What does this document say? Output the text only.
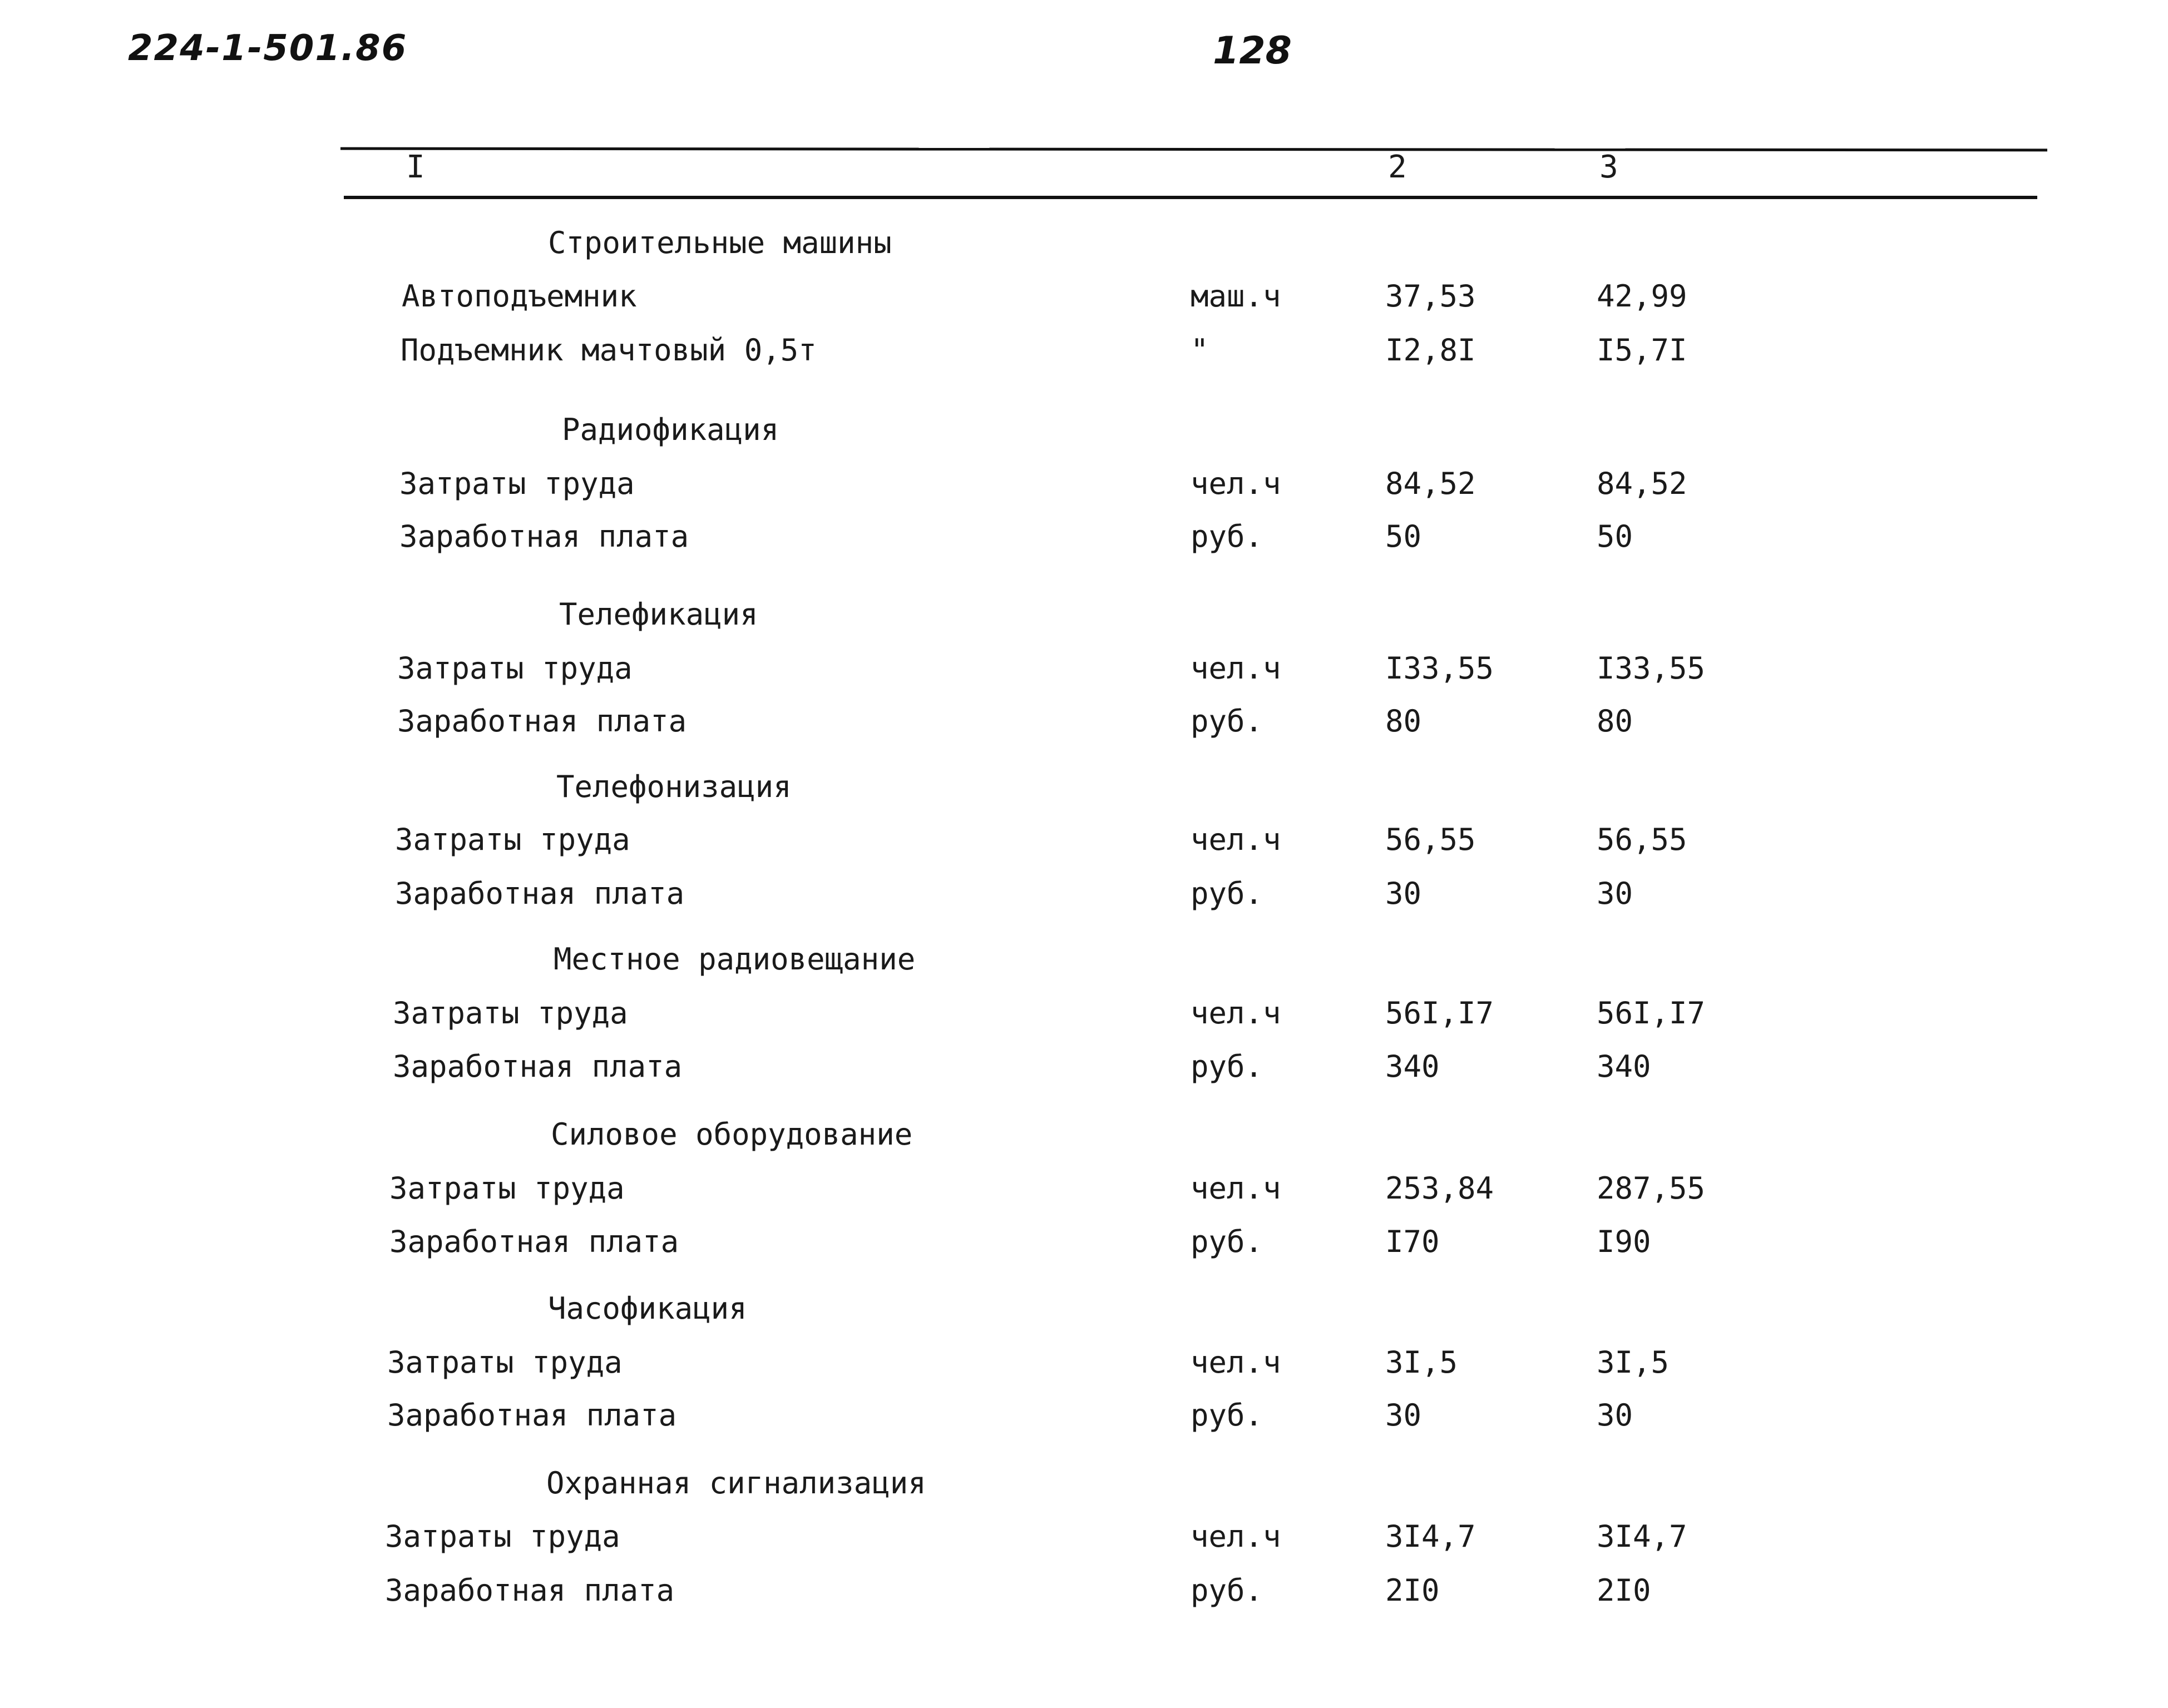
224-1-501.86	128
I	2	3
Строительные машины
Автоподъемник	маш.ч	37,53	42,99
Подъемник мачтовый 0,5т	"	I2,8I	I5,7I
Радиофикация
Затраты труда	чел.ч	84,52	84,52
Заработная плата	руб.	50	50
Телефикация
Затраты труда	чел.ч	I33,55	I33,55
Заработная плата	руб.	80	80
Телефонизация
Затраты труда	чел.ч	56,55	56,55
Заработная плата	руб.	30	30
Местное радиовещание
Затраты труда	чел.ч	56I,I7	56I,I7
Заработная плата	руб.	340	340
Силовое оборудование
Затраты труда	чел.ч	253,84	287,55
Заработная плата	руб.	I70	I90
Часофикация
Затраты труда	чел.ч	3I,5	3I,5
Заработная плата	руб.	30	30
Охранная сигнализация
Затраты труда	чел.ч	3I4,7	3I4,7
Заработная плата	руб.	2I0	2I0
